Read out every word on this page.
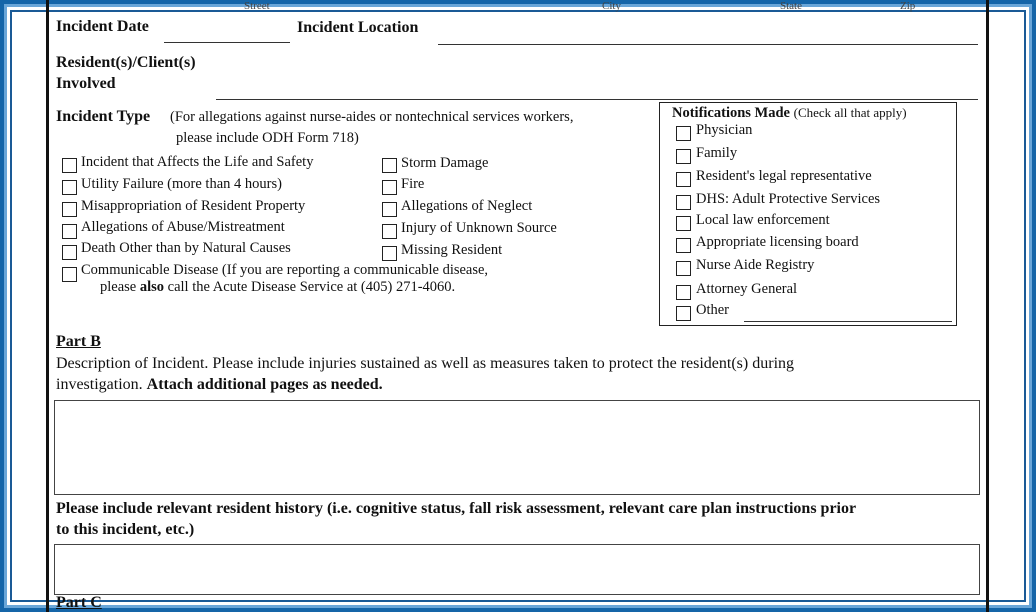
Street	City	State	Zip
Incident Date	Incident Location
Resident(s)/Client(s)
Involved
Incident Type (For allegations against nurse-aides or nontechnical services workers,
please include ODH Form 718)
Incident that Affects the Life and Safety
Utility Failure (more than 4 hours)
Misappropriation of Resident Property
Allegations of Abuse/Mistreatment
Death Other than by Natural Causes
Communicable Disease (If you are reporting a communicable disease,
please also call the Acute Disease Service at (405) 271-4060.
Storm Damage
Fire
Allegations of Neglect
Injury of Unknown Source
Missing Resident
Notifications Made (Check all that apply)
Physician
Family
Resident's legal representative
DHS: Adult Protective Services
Local law enforcement
Appropriate licensing board
Nurse Aide Registry
Attorney General
Other
Part B
Description of Incident. Please include injuries sustained as well as measures taken to protect the resident(s) during
investigation. Attach additional pages as needed.
Please include relevant resident history (i.e. cognitive status, fall risk assessment, relevant care plan instructions prior
to this incident, etc.)
Part C
